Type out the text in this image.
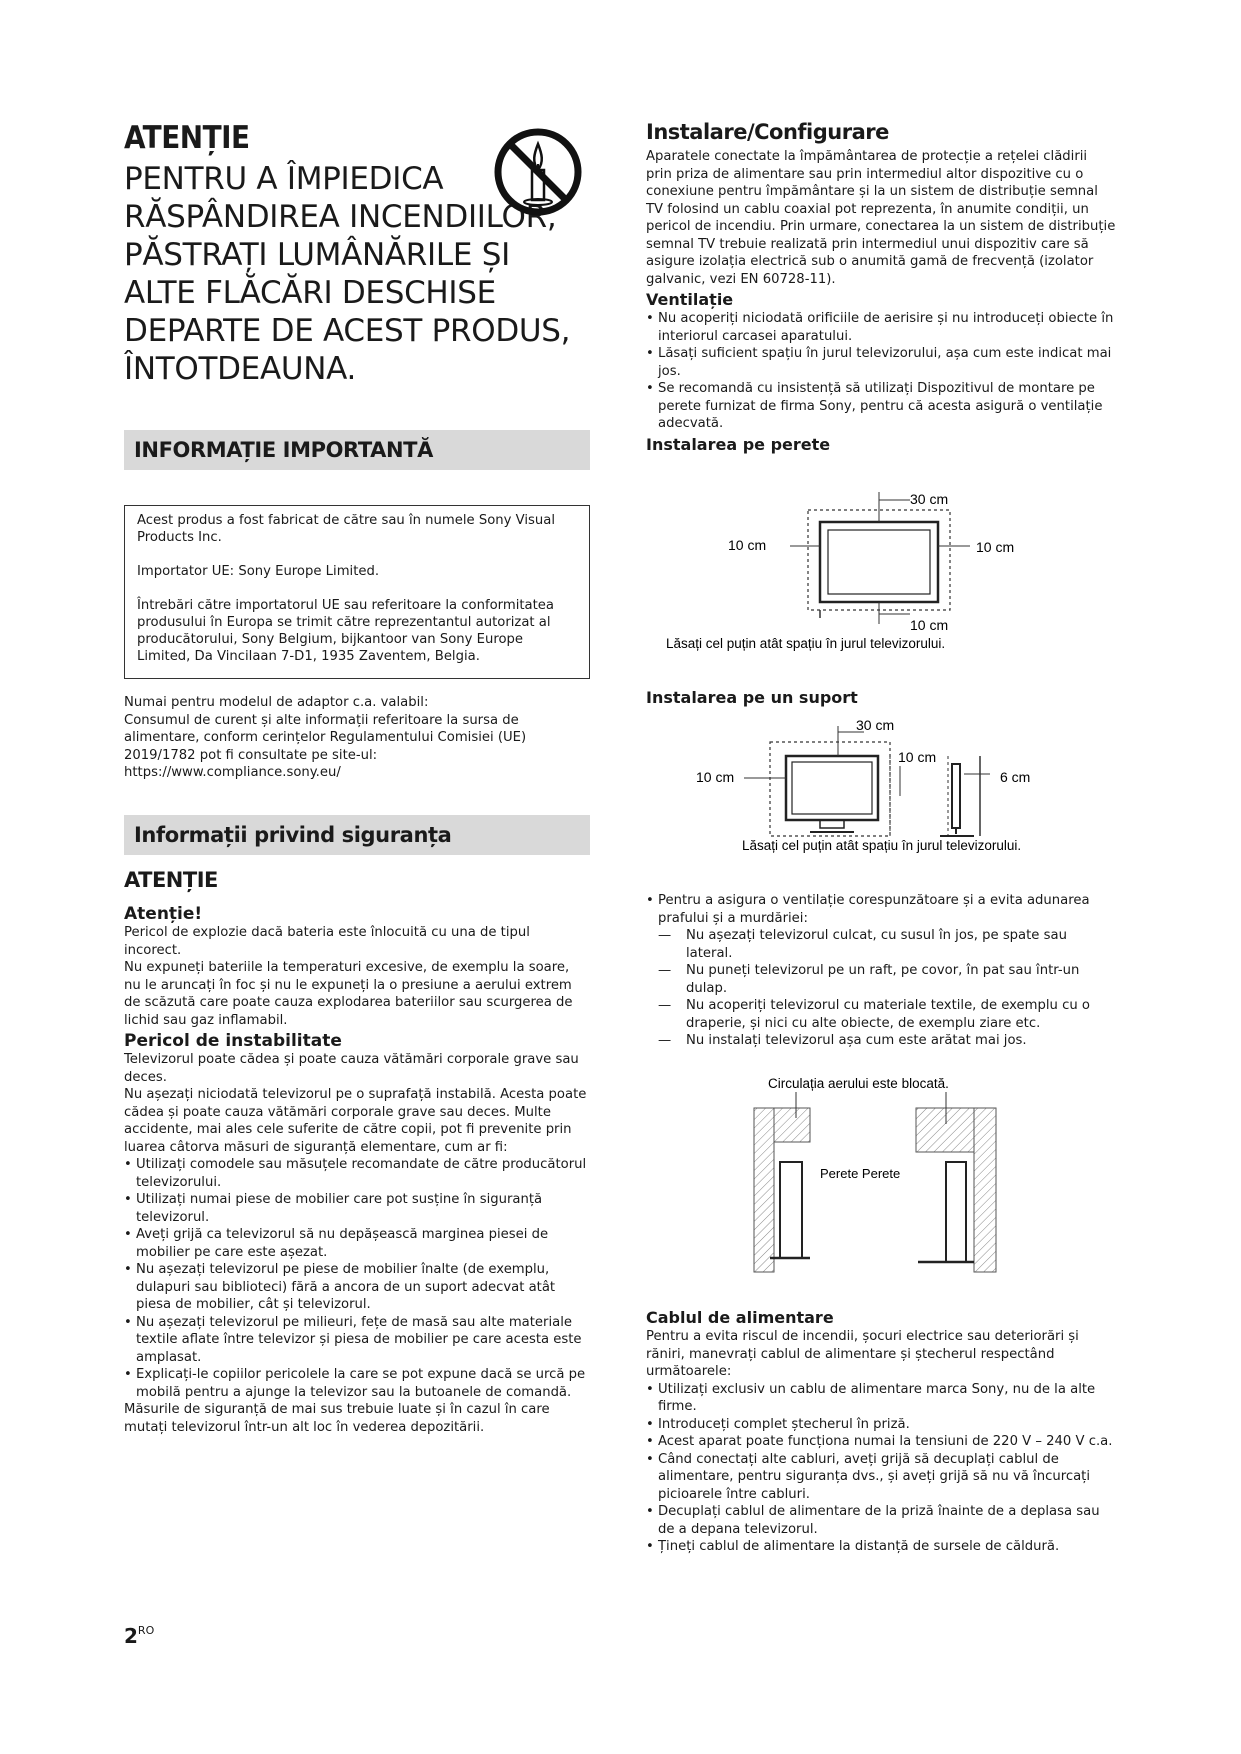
ATENȚIE

PENTRU A ÎMPIEDICA RĂSPÂNDIREA INCENDIILOR, PĂSTRAȚI LUMÂNĂRILE ȘI ALTE FLĂCĂRI DESCHISE DEPARTE DE ACEST PRODUS, ÎNTOTDEAUNA.

INFORMAȚIE IMPORTANTĂ

Acest produs a fost fabricat de către sau în numele Sony Visual Products Inc.

Importator UE: Sony Europe Limited.

Întrebări către importatorul UE sau referitoare la conformitatea produsului în Europa se trimit către reprezentantul autorizat al producătorului, Sony Belgium, bijkantoor van Sony Europe Limited, Da Vincilaan 7-D1, 1935 Zaventem, Belgia.

Numai pentru modelul de adaptor c.a. valabil:

Consumul de curent și alte informații referitoare la sursa de alimentare, conform cerințelor Regulamentului Comisiei (UE) 2019/1782 pot fi consultate pe site-ul:

https://www.compliance.sony.eu/

Informații privind siguranța
ATENȚIE
Atenție!

Pericol de explozie dacă bateria este înlocuită cu una de tipul incorect.

Nu expuneți bateriile la temperaturi excesive, de exemplu la soare, nu le aruncați în foc și nu le expuneți la o presiune a aerului extrem de scăzută care poate cauza explodarea bateriilor sau scurgerea de lichid sau gaz inflamabil.

Pericol de instabilitate

Televizorul poate cădea și poate cauza vătămări corporale grave sau deces.

Nu așezați niciodată televizorul pe o suprafață instabilă. Acesta poate cădea și poate cauza vătămări corporale grave sau deces. Multe accidente, mai ales cele suferite de către copii, pot fi prevenite prin luarea câtorva măsuri de siguranță elementare, cum ar fi:

• Utilizați comodele sau măsuțele recomandate de către producătorul televizorului.
• Utilizați numai piese de mobilier care pot susține în siguranță televizorul.
• Aveți grijă ca televizorul să nu depășească marginea piesei de mobilier pe care este așezat.
• Nu așezați televizorul pe piese de mobilier înalte (de exemplu, dulapuri sau biblioteci) fără a ancora de un suport adecvat atât piesa de mobilier, cât și televizorul.
• Nu așezați televizorul pe milieuri, fețe de masă sau alte materiale textile aflate între televizor și piesa de mobilier pe care acesta este amplasat.
• Explicați-le copiilor pericolele la care se pot expune dacă se urcă pe mobilă pentru a ajunge la televizor sau la butoanele de comandă.

Măsurile de siguranță de mai sus trebuie luate și în cazul în care mutați televizorul într-un alt loc în vederea depozitării.

Instalare/Configurare

Aparatele conectate la împământarea de protecție a rețelei clădirii prin priza de alimentare sau prin intermediul altor dispozitive cu o conexiune pentru împământare și la un sistem de distribuție semnal TV folosind un cablu coaxial pot reprezenta, în anumite condiții, un pericol de incendiu. Prin urmare, conectarea la un sistem de distribuție semnal TV trebuie realizată prin intermediul unui dispozitiv care să asigure izolația electrică sub o anumită gamă de frecvență (izolator galvanic, vezi EN 60728-11).

Ventilație
• Nu acoperiți niciodată orificiile de aerisire și nu introduceți obiecte în interiorul carcasei aparatului.
• Lăsați suficient spațiu în jurul televizorului, așa cum este indicat mai jos.
• Se recomandă cu insistență să utilizați Dispozitivul de montare pe perete furnizat de firma Sony, pentru că acesta asigură o ventilație adecvată.
Instalarea pe perete
30 cm
10 cm	10 cm
10 cm
Lăsați cel puțin atât spațiu în jurul televizorului.
Instalarea pe un suport
30 cm
10 cm
10 cm
6 cm
Lăsați cel puțin atât spațiu în jurul televizorului.
• Pentru a asigura o ventilație corespunzătoare și a evita adunarea prafului și a murdăriei:
— Nu așezați televizorul culcat, cu susul în jos, pe spate sau lateral.
— Nu puneți televizorul pe un raft, pe covor, în pat sau într-un dulap.
— Nu acoperiți televizorul cu materiale textile, de exemplu cu o draperie, și nici cu alte obiecte, de exemplu ziare etc.
— Nu instalați televizorul așa cum este arătat mai jos.
Circulația aerului este blocată.
Perete Perete
Cablul de alimentare

Pentru a evita riscul de incendii, șocuri electrice sau deteriorări și răniri, manevrați cablul de alimentare și ștecherul respectând următoarele:

• Utilizați exclusiv un cablu de alimentare marca Sony, nu de la alte firme.
• Introduceți complet ștecherul în priză.
• Acest aparat poate funcționa numai la tensiuni de 220 V – 240 V c.a.
• Când conectați alte cabluri, aveți grijă să decuplați cablul de alimentare, pentru siguranța dvs., și aveți grijă să nu vă încurcați picioarele între cabluri.
• Decuplați cablul de alimentare de la priză înainte de a deplasa sau de a depana televizorul.
• Țineți cablul de alimentare la distanță de sursele de căldură.
$2^{RO}$
